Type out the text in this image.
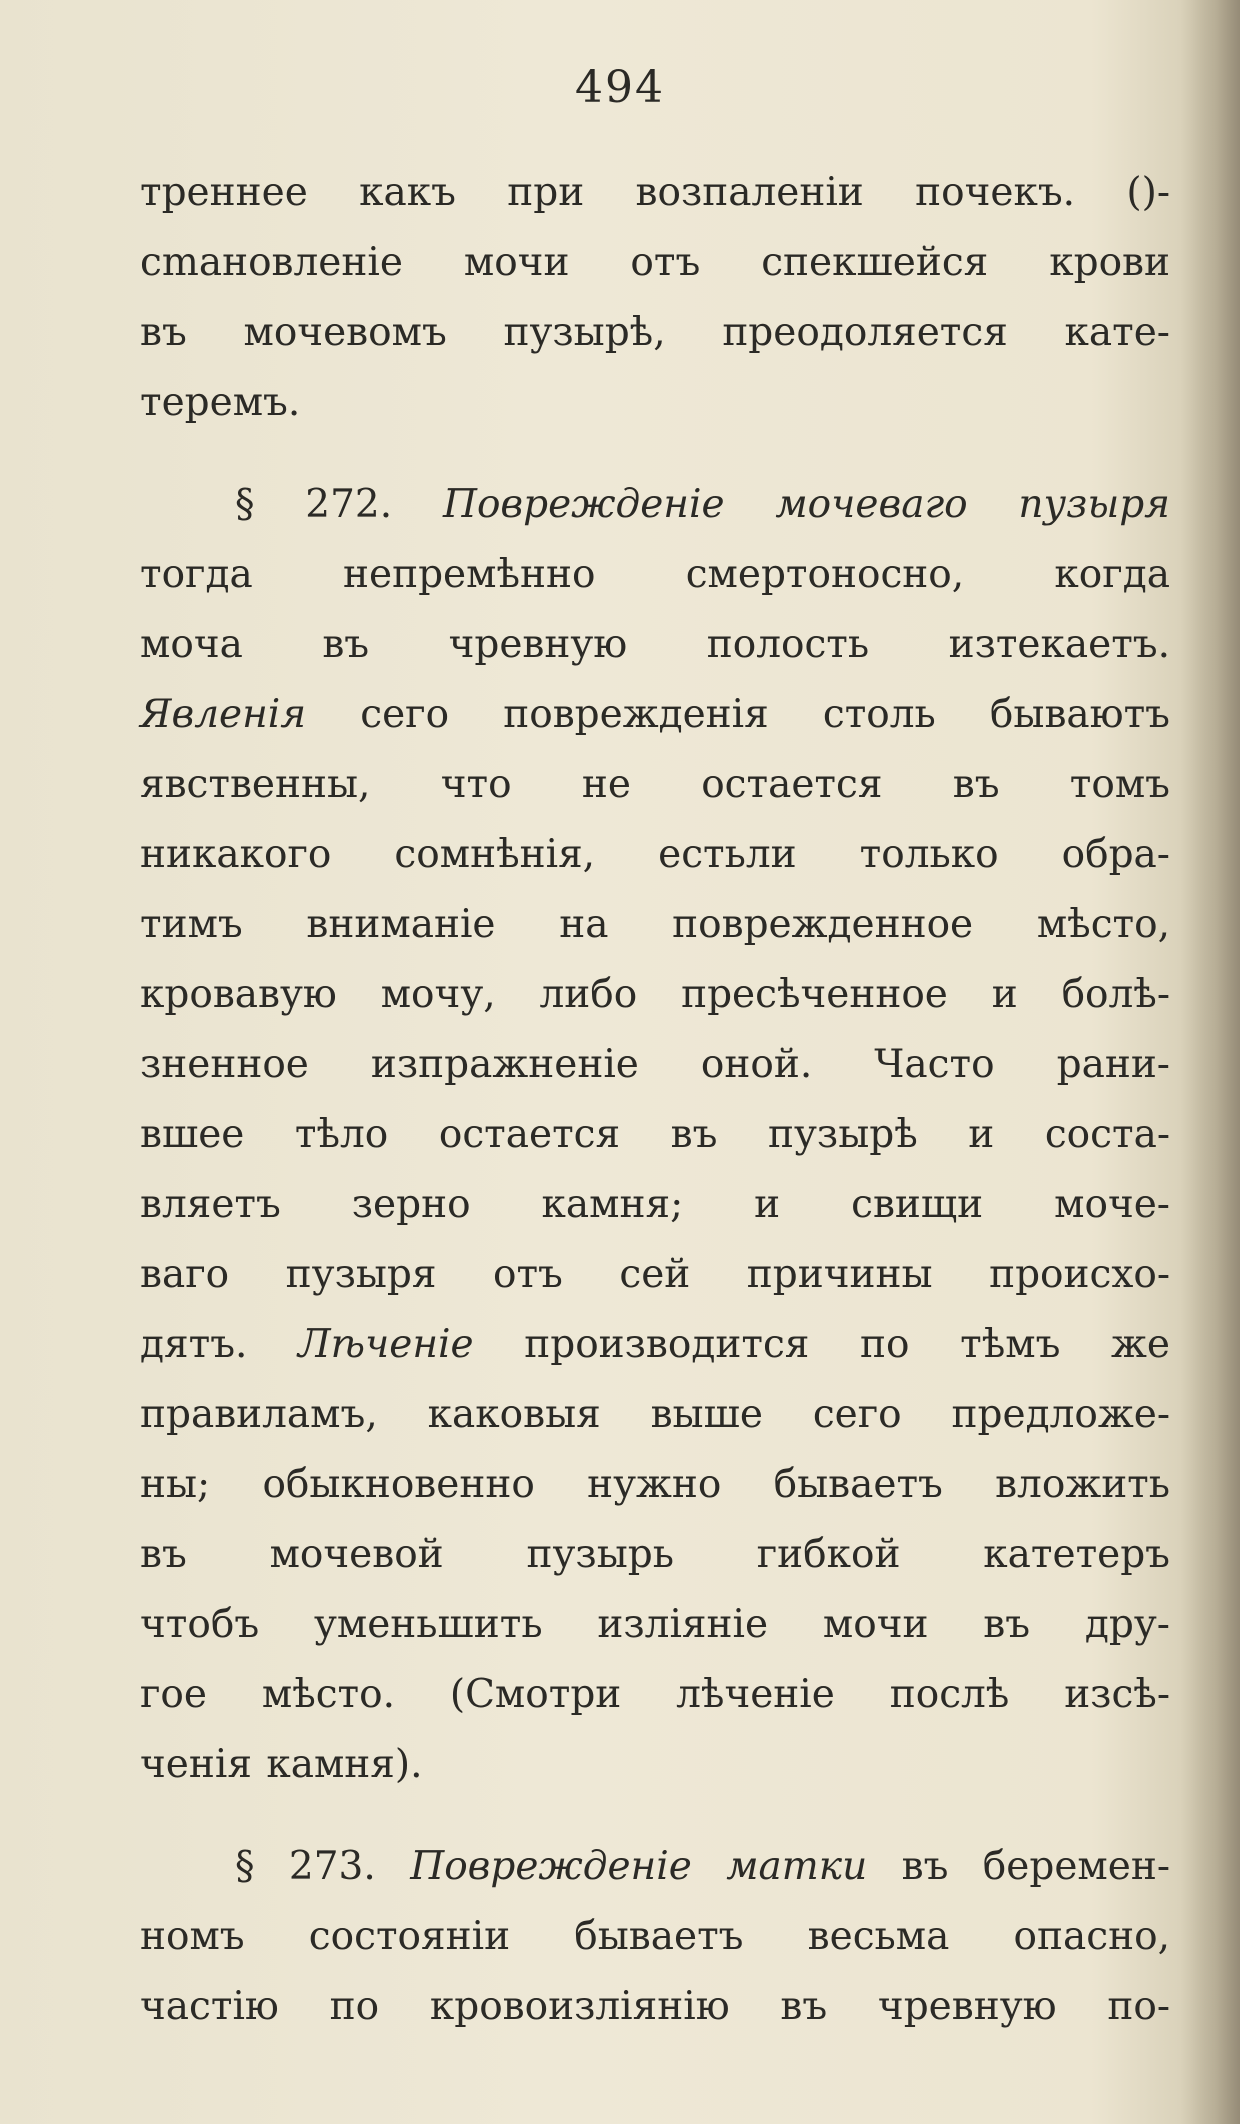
494
треннее какъ при возпаленіи почекъ. ()-
сmановленіе мочи отъ спекшейся крови
въ мочевомъ пузырѣ, преодоляется кате-
теремъ.
§ 272. Поврежденіе мочеваго пузыря
тогда непремѣнно смертоносно, когда
моча въ чревную полость изтекаетъ.
Явленія сего поврежденія столь бываютъ
явственны, что не остается въ томъ
никакого сомнѣнія, естьли только обра-
тимъ вниманіе на поврежденное мѣсто,
кровавую мочу, либо пресѣченное и болѣ-
зненное изпражненіе оной. Часто рани-
вшее тѣло остается въ пузырѣ и соста-
вляетъ зерно камня; и свищи моче-
ваго пузыря отъ сей причины происхо-
дятъ. Лѣченіе производится по тѣмъ же
правиламъ, каковыя выше сего предложе-
ны; обыкновенно нужно бываетъ вложить
въ мочевой пузырь гибкой катетеръ
чтобъ уменьшить изліяніе мочи въ дру-
гое мѣсто. (Смотри лѣченіе послѣ изсѣ-
ченія камня).
§ 273. Поврежденіе матки въ беремен-
номъ состояніи бываетъ весьма опасно,
частію по кровоизліянію въ чревную по-
